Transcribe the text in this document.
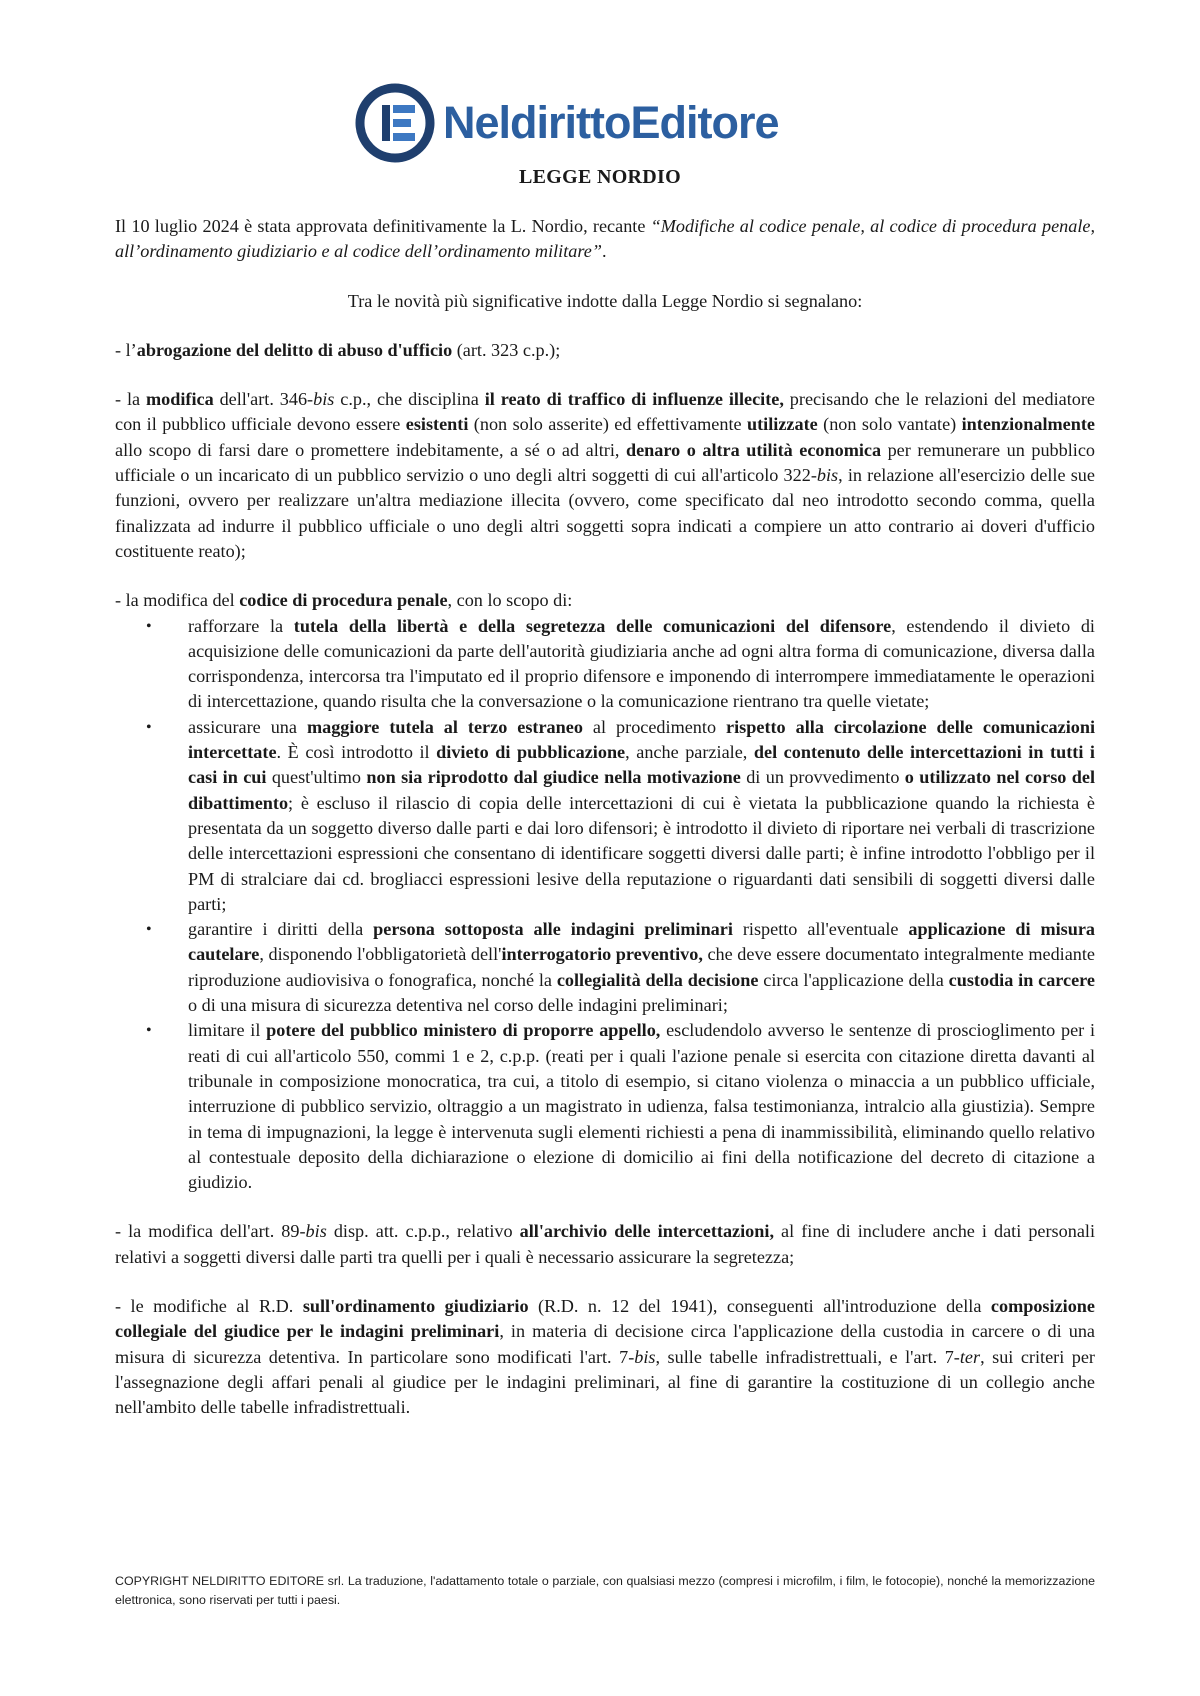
NeldirittoEditore
LEGGE NORDIO

Il 10 luglio 2024 è stata approvata definitivamente la L. Nordio, recante “Modifiche al codice penale, al codice di procedura penale, all’ordinamento giudiziario e al codice dell’ordinamento militare”.

Tra le novità più significative indotte dalla Legge Nordio si segnalano:

- l’abrogazione del delitto di abuso d'ufficio (art. 323 c.p.);

- la modifica dell'art. 346-bis c.p., che disciplina il reato di traffico di influenze illecite, precisando che le relazioni del mediatore con il pubblico ufficiale devono essere esistenti (non solo asserite) ed effettivamente utilizzate (non solo vantate) intenzionalmente allo scopo di farsi dare o promettere indebitamente, a sé o ad altri, denaro o altra utilità economica per remunerare un pubblico ufficiale o un incaricato di un pubblico servizio o uno degli altri soggetti di cui all'articolo 322-bis, in relazione all'esercizio delle sue funzioni, ovvero per realizzare un'altra mediazione illecita (ovvero, come specificato dal neo introdotto secondo comma, quella finalizzata ad indurre il pubblico ufficiale o uno degli altri soggetti sopra indicati a compiere un atto contrario ai doveri d'ufficio costituente reato);

- la modifica del codice di procedura penale, con lo scopo di:

• rafforzare la tutela della libertà e della segretezza delle comunicazioni del difensore, estendendo il divieto di acquisizione delle comunicazioni da parte dell'autorità giudiziaria anche ad ogni altra forma di comunicazione, diversa dalla corrispondenza, intercorsa tra l'imputato ed il proprio difensore e imponendo di interrompere immediatamente le operazioni di intercettazione, quando risulta che la conversazione o la comunicazione rientrano tra quelle vietate;
• assicurare una maggiore tutela al terzo estraneo al procedimento rispetto alla circolazione delle comunicazioni intercettate. È così introdotto il divieto di pubblicazione, anche parziale, del contenuto delle intercettazioni in tutti i casi in cui quest'ultimo non sia riprodotto dal giudice nella motivazione di un provvedimento o utilizzato nel corso del dibattimento; è escluso il rilascio di copia delle intercettazioni di cui è vietata la pubblicazione quando la richiesta è presentata da un soggetto diverso dalle parti e dai loro difensori; è introdotto il divieto di riportare nei verbali di trascrizione delle intercettazioni espressioni che consentano di identificare soggetti diversi dalle parti; è infine introdotto l'obbligo per il PM di stralciare dai cd. brogliacci espressioni lesive della reputazione o riguardanti dati sensibili di soggetti diversi dalle parti;
• garantire i diritti della persona sottoposta alle indagini preliminari rispetto all'eventuale applicazione di misura cautelare, disponendo l'obbligatorietà dell'interrogatorio preventivo, che deve essere documentato integralmente mediante riproduzione audiovisiva o fonografica, nonché la collegialità della decisione circa l'applicazione della custodia in carcere o di una misura di sicurezza detentiva nel corso delle indagini preliminari;
• limitare il potere del pubblico ministero di proporre appello, escludendolo avverso le sentenze di proscioglimento per i reati di cui all'articolo 550, commi 1 e 2, c.p.p. (reati per i quali l'azione penale si esercita con citazione diretta davanti al tribunale in composizione monocratica, tra cui, a titolo di esempio, si citano violenza o minaccia a un pubblico ufficiale, interruzione di pubblico servizio, oltraggio a un magistrato in udienza, falsa testimonianza, intralcio alla giustizia). Sempre in tema di impugnazioni, la legge è intervenuta sugli elementi richiesti a pena di inammissibilità, eliminando quello relativo al contestuale deposito della dichiarazione o elezione di domicilio ai fini della notificazione del decreto di citazione a giudizio.

- la modifica dell'art. 89-bis disp. att. c.p.p., relativo all'archivio delle intercettazioni, al fine di includere anche i dati personali relativi a soggetti diversi dalle parti tra quelli per i quali è necessario assicurare la segretezza;

- le modifiche al R.D. sull'ordinamento giudiziario (R.D. n. 12 del 1941), conseguenti all'introduzione della composizione collegiale del giudice per le indagini preliminari, in materia di decisione circa l'applicazione della custodia in carcere o di una misura di sicurezza detentiva. In particolare sono modificati l'art. 7-bis, sulle tabelle infradistrettuali, e l'art. 7-ter, sui criteri per l'assegnazione degli affari penali al giudice per le indagini preliminari, al fine di garantire la costituzione di un collegio anche nell'ambito delle tabelle infradistrettuali.

COPYRIGHT NELDIRITTO EDITORE srl. La traduzione, l'adattamento totale o parziale, con qualsiasi mezzo (compresi i microfilm, i film, le fotocopie), nonché la memorizzazione elettronica, sono riservati per tutti i paesi.
